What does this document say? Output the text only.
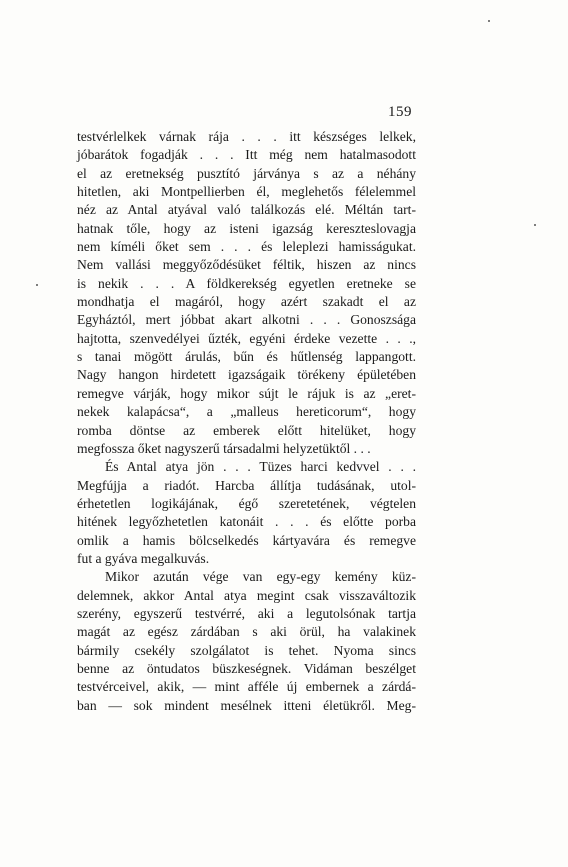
159
testvérlelkek várnak rája . . . itt készséges lelkek,
jóbarátok fogadják . . . Itt még nem hatalmasodott
el az eretnekség pusztító járványa s az a néhány
hitetlen, aki Montpellierben él, meglehetős félelemmel
néz az Antal atyával való találkozás elé. Méltán tart-
hatnak tőle, hogy az isteni igazság kereszteslovagja
nem kíméli őket sem . . . és leleplezi hamisságukat.
Nem vallási meggyőződésüket féltik, hiszen az nincs
is nekik . . . A földkerekség egyetlen eretneke se
mondhatja el magáról, hogy azért szakadt el az
Egyháztól, mert jóbbat akart alkotni . . . Gonoszsága
hajtotta, szenvedélyei űzték, egyéni érdeke vezette . . .,
s tanai mögött árulás, bűn és hűtlenség lappangott.
Nagy hangon hirdetett igazságaik törékeny épületében
remegve várják, hogy mikor sújt le rájuk is az „eret-
nekek kalapácsa“, a „malleus hereticorum“, hogy
romba döntse az emberek előtt hitelüket, hogy
megfossza őket nagyszerű társadalmi helyzetüktől . . .
És Antal atya jön . . . Tüzes harci kedvvel . . .
Megfújja a riadót. Harcba állítja tudásának, utol-
érhetetlen logikájának, égő szeretetének, végtelen
hitének legyőzhetetlen katonáit . . . és előtte porba
omlik a hamis bölcselkedés kártyavára és remegve
fut a gyáva megalkuvás.
Mikor azután vége van egy-egy kemény küz-
delemnek, akkor Antal atya megint csak visszaváltozik
szerény, egyszerű testvérré, aki a legutolsónak tartja
magát az egész zárdában s aki örül, ha valakinek
bármily csekély szolgálatot is tehet. Nyoma sincs
benne az öntudatos büszkeségnek. Vidáman beszélget
testvérceivel, akik, — mint afféle új embernek a zárdá-
ban — sok mindent mesélnek itteni életükről. Meg-
